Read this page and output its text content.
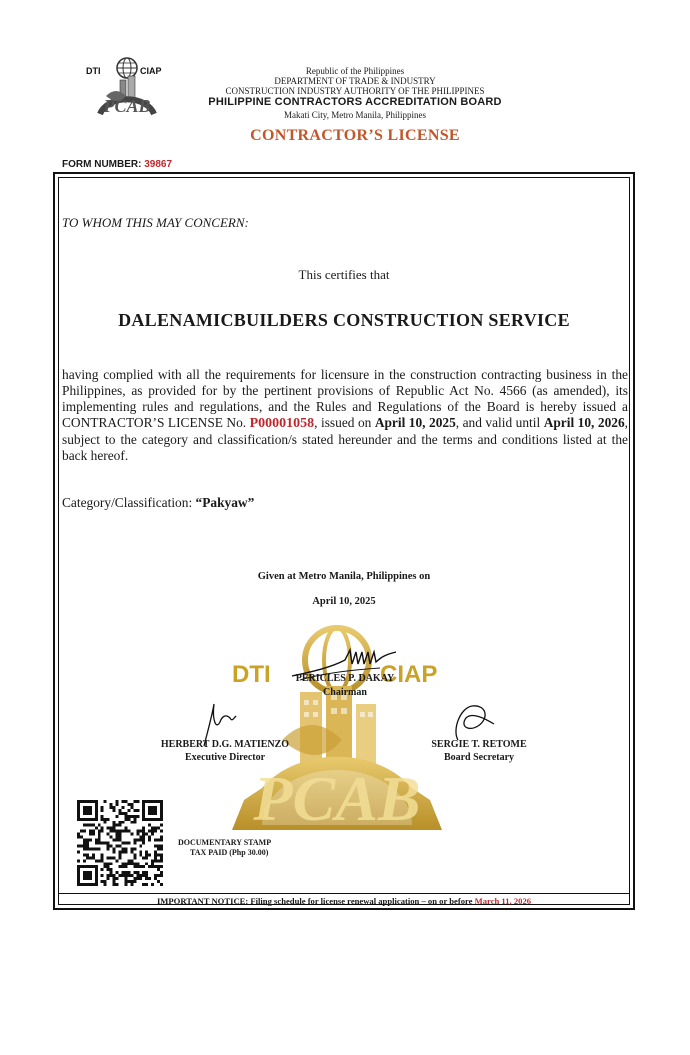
PCAB
DTI	CIAP	Republic of the Philippines
DEPARTMENT OF TRADE & INDUSTRY
CONSTRUCTION INDUSTRY AUTHORITY OF THE PHILIPPINES
PHILIPPINE CONTRACTORS ACCREDITATION BOARD
Makati City, Metro Manila, Philippines
CONTRACTOR’S LICENSE
FORM NUMBER: 39867
PCAB
DTI	CIAP
TO WHOM THIS MAY CONCERN:
This certifies that
DALENAMICBUILDERS CONSTRUCTION SERVICE
having complied with all the requirements for licensure in the construction contracting business in the Philippines, as provided for by the pertinent provisions of Republic Act No. 4566 (as amended), its implementing rules and regulations, and the Rules and Regulations of the Board is hereby issued a CONTRACTOR’S LICENSE No. P00001058, issued on April 10, 2025, and valid until April 10, 2026, subject to the category and classification/s stated hereunder and the terms and conditions listed at the back hereof.
Category/Classification: “Pakyaw”
Given at Metro Manila, Philippines on
April 10, 2025
PERICLES P. DAKAY
Chairman
HERBERT D.G. MATIENZO
Executive Director
SERGIE T. RETOME
Board Secretary
DOCUMENTARY STAMP
TAX PAID (Php 30.00)
IMPORTANT NOTICE: Filing schedule for license renewal application – on or before March 11, 2026
